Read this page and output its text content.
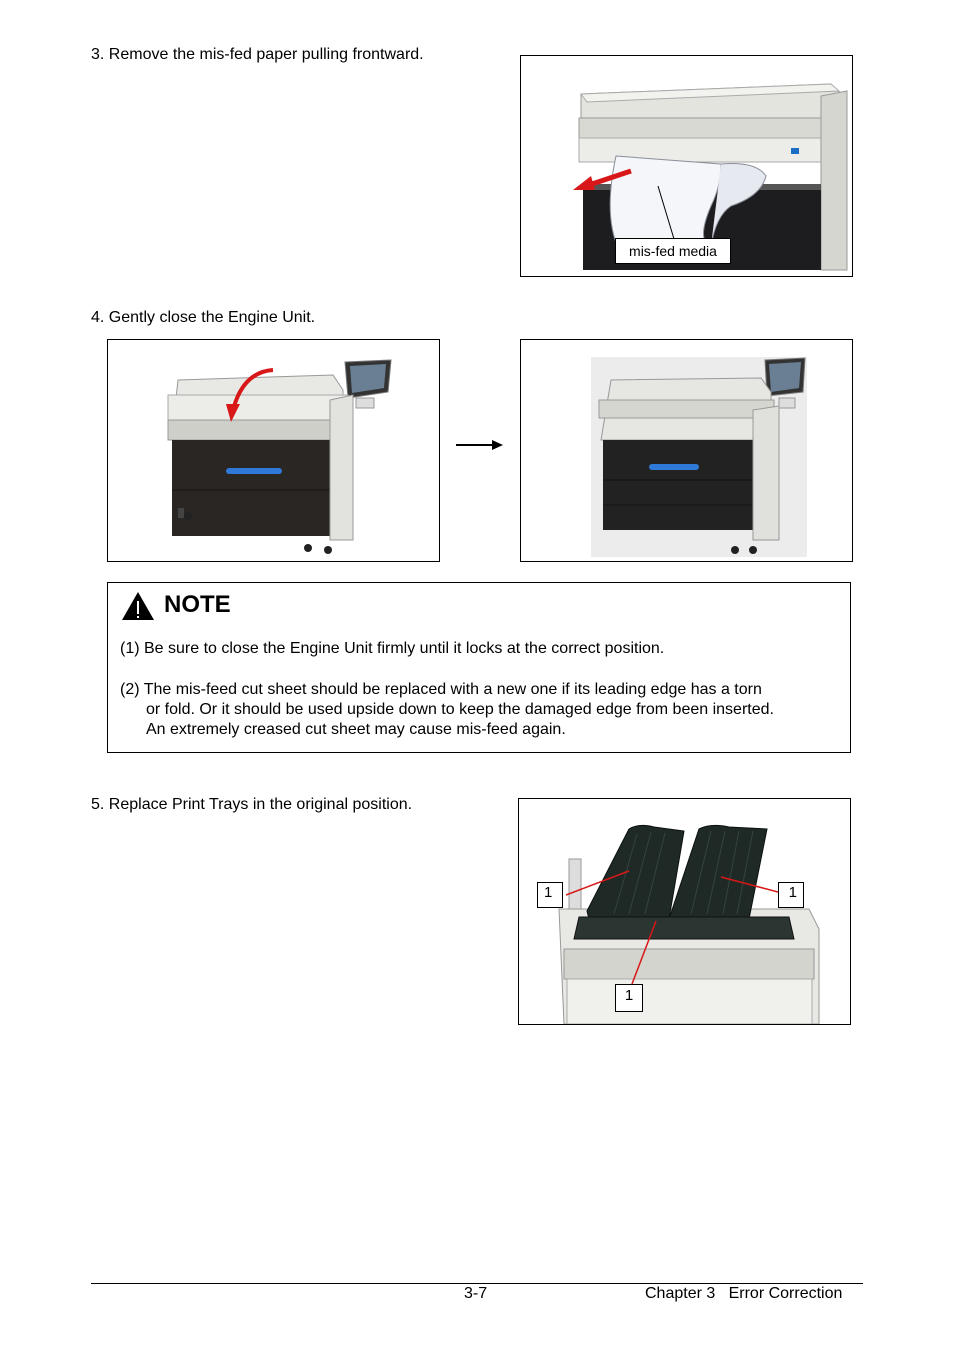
3. Remove the mis-fed paper pulling frontward.
mis-fed media
4. Gently close the Engine Unit.
NOTE
(1) Be sure to close the Engine Unit firmly until it locks at the correct position.
(2) The mis-feed cut sheet should be replaced with a new one if its leading edge has a torn
or fold. Or it should be used upside down to keep the damaged edge from been inserted.
An extremely creased cut sheet may cause mis-feed again.
5. Replace Print Trays in the original position.
1	1
1
3-7	Chapter 3   Error Correction
